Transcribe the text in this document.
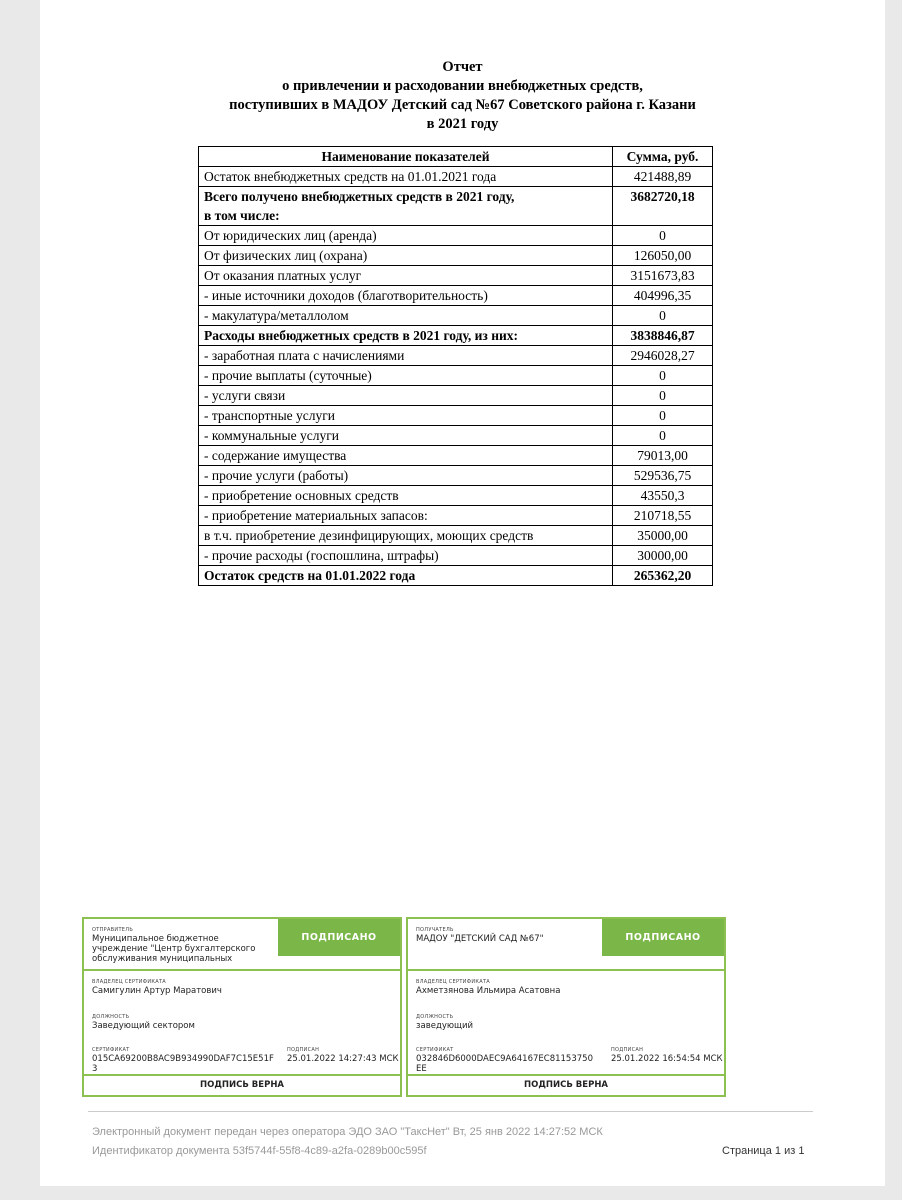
Отчет
о привлечении и расходовании внебюджетных средств,
поступивших в МАДОУ Детский сад №67 Советского района г. Казани
в 2021 году
Наименование показателей	Сумма, руб.
Остаток внебюджетных средств на 01.01.2021 года	421488,89
Всего получено внебюджетных средств в 2021 году,
в том числе:	3682720,18
От юридических лиц (аренда)	0
От физических лиц (охрана)	126050,00
От оказания платных услуг	3151673,83
- иные источники доходов (благотворительность)	404996,35
- макулатура/металлолом	0
Расходы внебюджетных средств в 2021 году, из них:	3838846,87
- заработная плата с начислениями	2946028,27
- прочие выплаты (суточные)	0
- услуги связи	0
- транспортные услуги	0
- коммунальные услуги	0
- содержание имущества	79013,00
- прочие услуги (работы)	529536,75
- приобретение основных средств	43550,3
- приобретение материальных запасов:	210718,55
в т.ч. приобретение дезинфицирующих, моющих средств	35000,00
- прочие расходы (госпошлина, штрафы)	30000,00
Остаток средств на 01.01.2022 года	265362,20
ОТПРАВИТЕЛЬ
Муниципальное бюджетное учреждение "Центр бухгалтерского обслуживания муниципальных
ПОДПИСАНО
ВЛАДЕЛЕЦ СЕРТИФИКАТА
Самигулин Артур Маратович
ДОЛЖНОСТЬ
Заведующий сектором
СЕРТИФИКАТ
015CA69200B8AC9B934990DAF7C15E51F3
ПОДПИСАН
25.01.2022 14:27:43 МСК
ПОДПИСЬ ВЕРНА
ПОЛУЧАТЕЛЬ
МАДОУ "ДЕТСКИЙ САД №67"	ПОДПИСАНО
ВЛАДЕЛЕЦ СЕРТИФИКАТА
Ахметзянова Ильмира Асатовна
ДОЛЖНОСТЬ
заведующий
СЕРТИФИКАТ
032846D6000DAEC9A64167EC81153750EE
ПОДПИСАН
25.01.2022 16:54:54 МСК
ПОДПИСЬ ВЕРНА
Электронный документ передан через оператора ЭДО ЗАО "ТаксНет" Вт, 25 янв 2022 14:27:52 МСК
Идентификатор документа 53f5744f-55f8-4c89-a2fa-0289b00c595f	Страница 1 из 1
